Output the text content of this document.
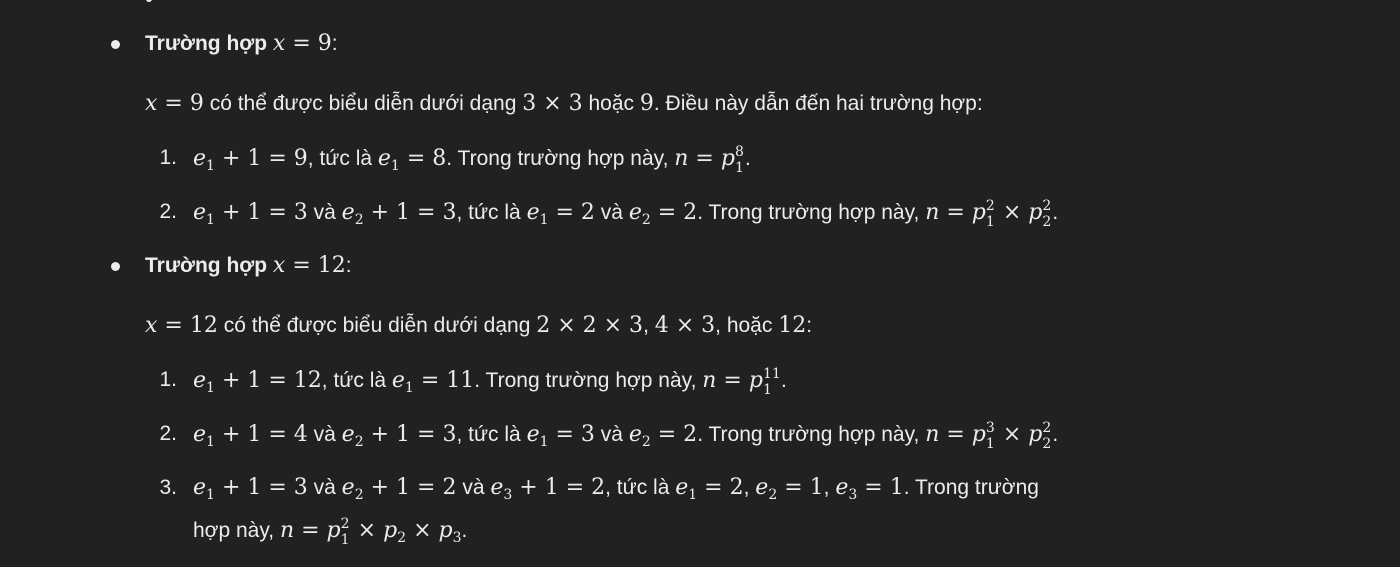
Trường hợp x = 9:
x = 9 có thể được biểu diễn dưới dạng 3 × 3 hoặc 9. Điều này dẫn đến hai trường hợp:
1. $e_1 + 1 = 9$, tức là $e_1 = 8$. Trong trường hợp này, n = p 8
1 .
2. $e_1 + 1 = 3$ và $e_2 + 1 = 3$, tức là $e_1 = 2$ và $e_2 = 2$. Trong trường hợp này, n = p 2
1 × p 2
2 .
Trường hợp x = 12:
x = 12 có thể được biểu diễn dưới dạng 2 × 2 × 3, 4 × 3, hoặc 12:
1. $e_1 + 1 = 12$, tức là $e_1 = 11$. Trong trường hợp này, n = p 11
1 .
2. $e_1 + 1 = 4$ và $e_2 + 1 = 3$, tức là $e_1 = 3$ và $e_2 = 2$. Trong trường hợp này, n = p 3
1 × p 2
2 .
3. $e_1 + 1 = 3$ và $e_2 + 1 = 2$ và $e_3 + 1 = 2$, tức là $e_1 = 2$, $e_2 = 1$, $e_3 = 1$. Trong trường
hợp này, n = p 2
$1 \times p_2 \times p_3$.
